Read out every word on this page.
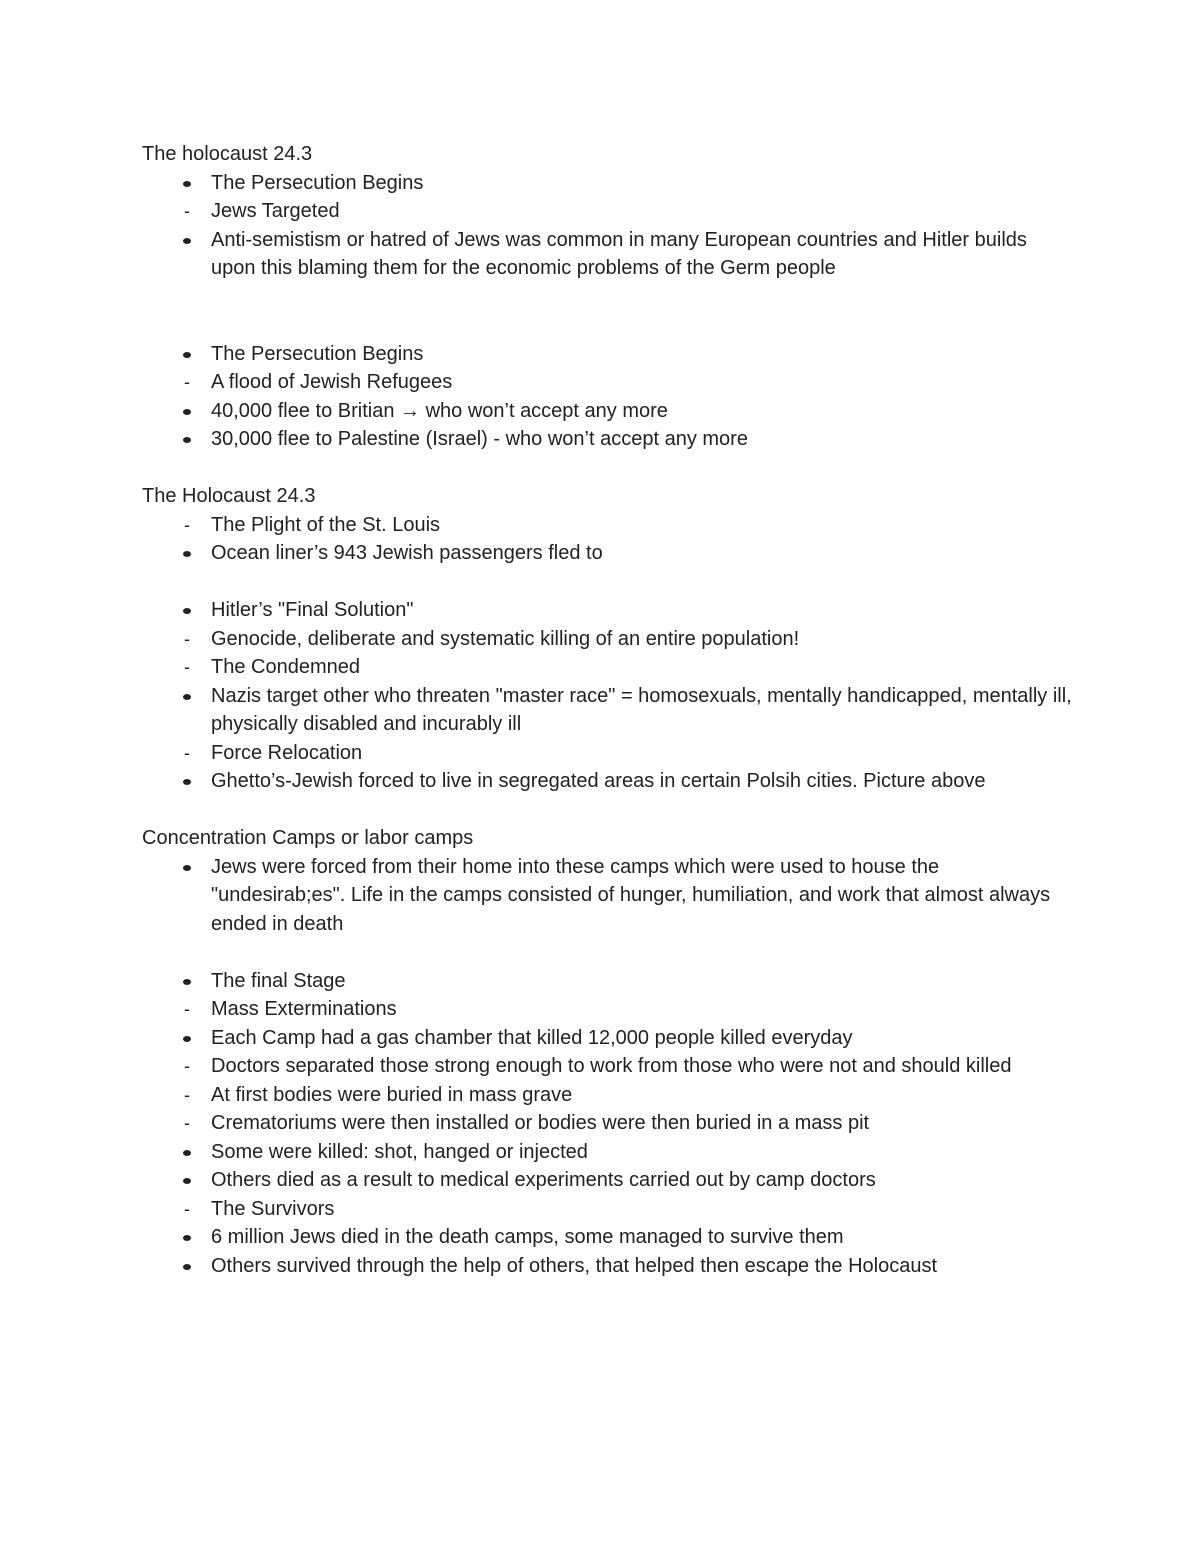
The holocaust 24.3
The Persecution Begins
- Jews Targeted
Anti-semistism or hatred of Jews was common in many European countries and Hitler builds upon this blaming them for the economic problems of the Germ people
The Persecution Begins
- A flood of Jewish Refugees
40,000 flee to Britian → who won’t accept any more
30,000 flee to Palestine (Israel) - who won’t accept any more
The Holocaust 24.3
- The Plight of the St. Louis
Ocean liner’s 943 Jewish passengers fled to
Hitler’s "Final Solution"
- Genocide, deliberate and systematic killing of an entire population!
- The Condemned
Nazis target other who threaten "master race" = homosexuals, mentally handicapped, mentally ill, physically disabled and incurably ill
- Force Relocation
Ghetto’s-Jewish forced to live in segregated areas in certain Polsih cities. Picture above
Concentration Camps or labor camps
Jews were forced from their home into these camps which were used to house the "undesirab;es". Life in the camps consisted of hunger, humiliation, and work that almost always ended in death
The final Stage
- Mass Exterminations
Each Camp had a gas chamber that killed 12,000 people killed everyday
- Doctors separated those strong enough to work from those who were not and should killed
- At first bodies were buried in mass grave
- Crematoriums were then installed or bodies were then buried in a mass pit
Some were killed: shot, hanged or injected
Others died as a result to medical experiments carried out by camp doctors
- The Survivors
6 million Jews died in the death camps, some managed to survive them
Others survived through the help of others, that helped then escape the Holocaust
